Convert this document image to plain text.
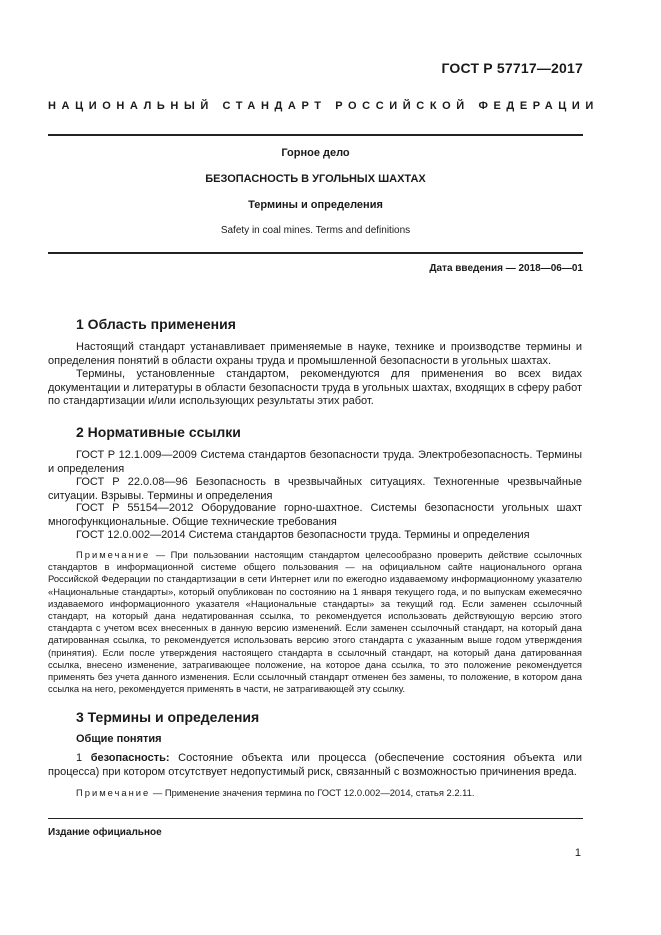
ГОСТ Р 57717—2017
НАЦИОНАЛЬНЫЙ СТАНДАРТ РОССИЙСКОЙ ФЕДЕРАЦИИ
Горное дело
БЕЗОПАСНОСТЬ В УГОЛЬНЫХ ШАХТАХ
Термины и определения
Safety in coal mines. Terms and definitions
Дата введения — 2018—06—01
1 Область применения

Настоящий стандарт устанавливает применяемые в науке, технике и производстве термины и определения понятий в области охраны труда и промышленной безопасности в угольных шахтах.

Термины, установленные стандартом, рекомендуются для применения во всех видах документации и литературы в области безопасности труда в угольных шахтах, входящих в сферу работ по стандартизации и/или использующих результаты этих работ.

2 Нормативные ссылки

ГОСТ Р 12.1.009—2009 Система стандартов безопасности труда. Электробезопасность. Термины и определения

ГОСТ Р 22.0.08—96 Безопасность в чрезвычайных ситуациях. Техногенные чрезвычайные ситуации. Взрывы. Термины и определения

ГОСТ Р 55154—2012 Оборудование горно-шахтное. Системы безопасности угольных шахт многофункциональные. Общие технические требования

ГОСТ 12.0.002—2014 Система стандартов безопасности труда. Термины и определения

Примечание — При пользовании настоящим стандартом целесообразно проверить действие ссылочных стандартов в информационной системе общего пользования — на официальном сайте национального органа Российской Федерации по стандартизации в сети Интернет или по ежегодно издаваемому информационному указателю «Национальные стандарты», который опубликован по состоянию на 1 января текущего года, и по выпускам ежемесячно издаваемого информационного указателя «Национальные стандарты» за текущий год. Если заменен ссылочный стандарт, на который дана недатированная ссылка, то рекомендуется использовать действующую версию этого стандарта с учетом всех внесенных в данную версию изменений. Если заменен ссылочный стандарт, на который дана датированная ссылка, то рекомендуется использовать версию этого стандарта с указанным выше годом утверждения (принятия). Если после утверждения настоящего стандарта в ссылочный стандарт, на который дана датированная ссылка, внесено изменение, затрагивающее положение, на которое дана ссылка, то это положение рекомендуется применять без учета данного изменения. Если ссылочный стандарт отменен без замены, то положение, в котором дана ссылка на него, рекомендуется применять в части, не затрагивающей эту ссылку.

3 Термины и определения
Общие понятия

1 безопасность: Состояние объекта или процесса (обеспечение состояния объекта или процесса) при котором отсутствует недопустимый риск, связанный с возможностью причинения вреда.

Примечание — Применение значения термина по ГОСТ 12.0.002—2014, статья 2.2.11.

Издание официальное
1
